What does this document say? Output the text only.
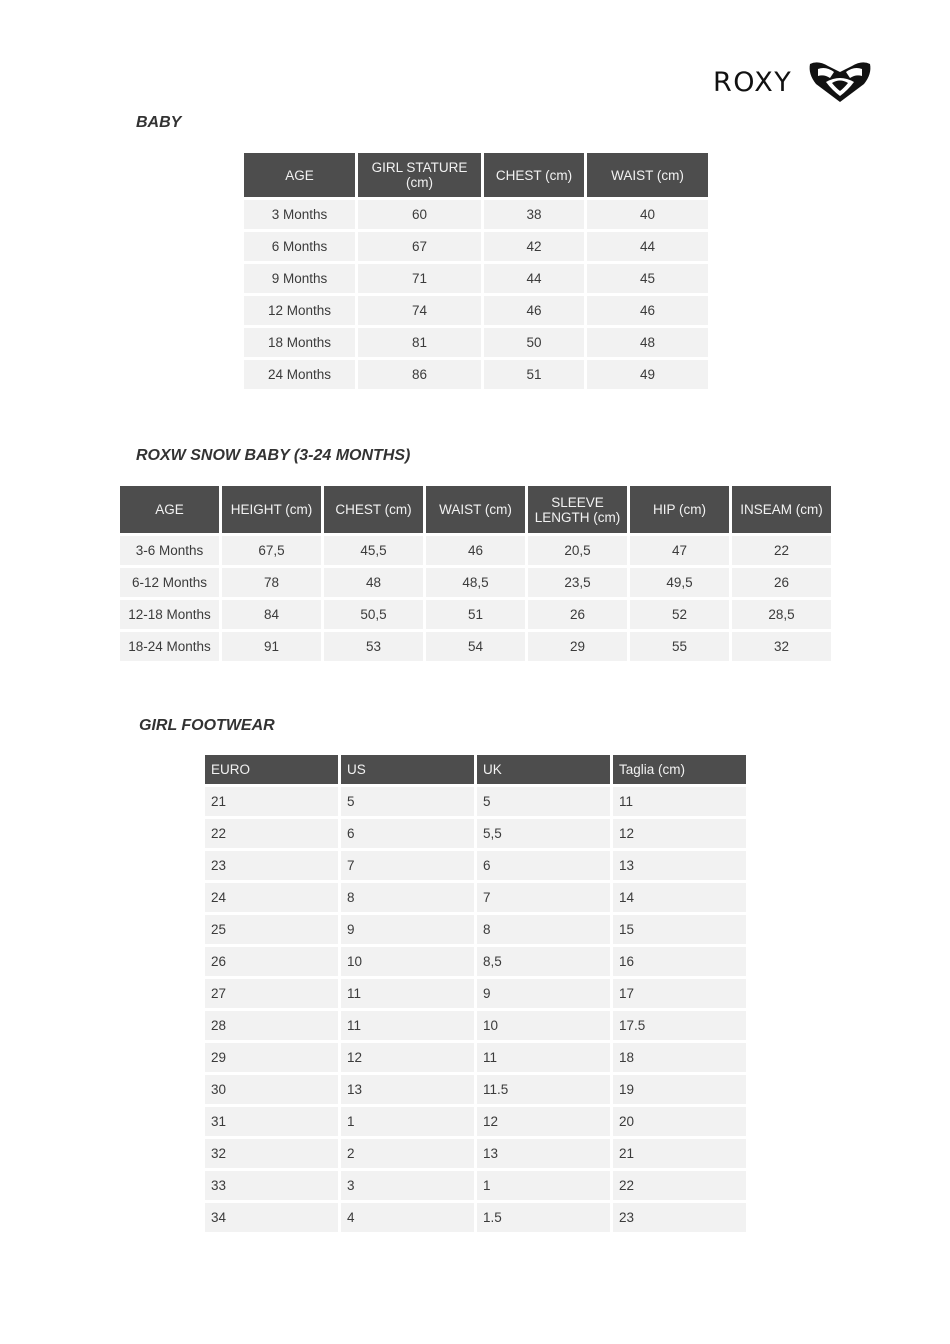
ROXY
BABY
AGE	GIRL STATURE (cm)	CHEST (cm)	WAIST (cm)
3 Months	60	38	40
6 Months	67	42	44
9 Months	71	44	45
12 Months	74	46	46
18 Months	81	50	48
24 Months	86	51	49
ROXW SNOW BABY (3-24 MONTHS)
AGE	HEIGHT (cm)	CHEST (cm)	WAIST (cm)	SLEEVE LENGTH (cm)	HIP (cm)	INSEAM (cm)
3-6 Months	67,5	45,5	46	20,5	47	22
6-12 Months	78	48	48,5	23,5	49,5	26
12-18 Months	84	50,5	51	26	52	28,5
18-24 Months	91	53	54	29	55	32
GIRL FOOTWEAR
EURO	US	UK	Taglia (cm)
21	5	5	11
22	6	5,5	12
23	7	6	13
24	8	7	14
25	9	8	15
26	10	8,5	16
27	11	9	17
28	11	10	17.5
29	12	11	18
30	13	11.5	19
31	1	12	20
32	2	13	21
33	3	1	22
34	4	1.5	23
